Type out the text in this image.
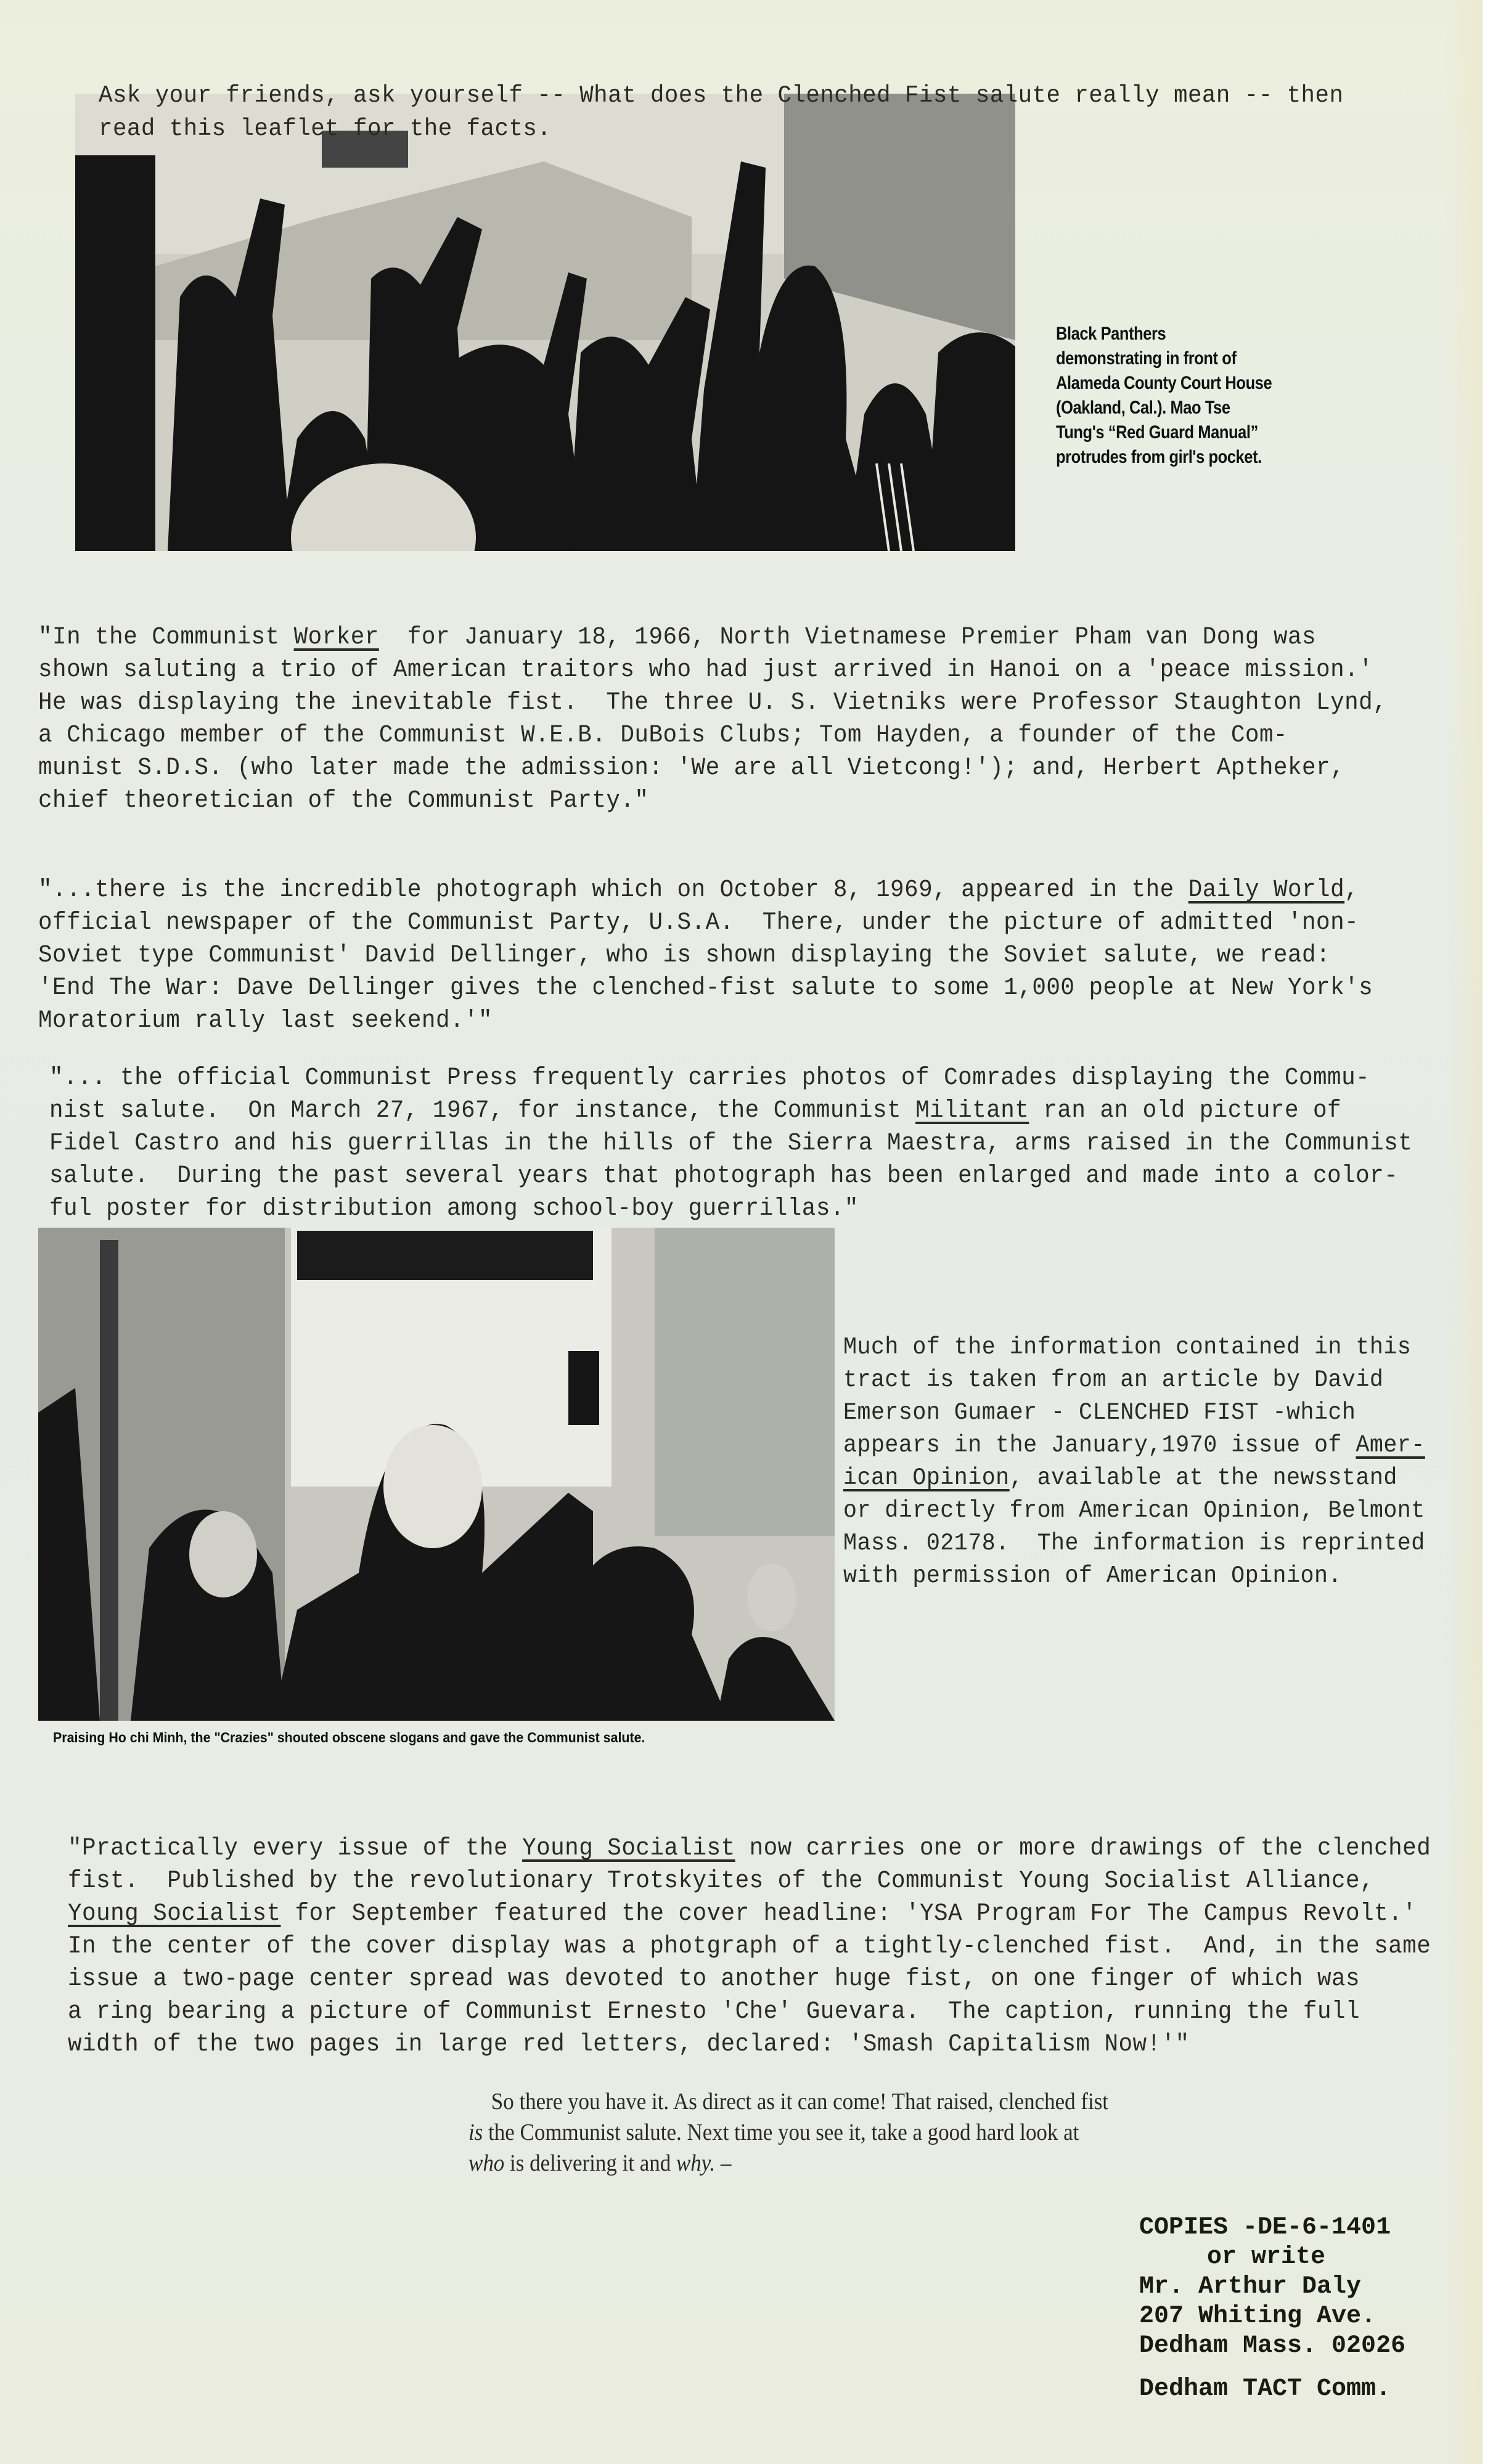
Ask your friends, ask yourself -- What does the Clenched Fist salute really mean -- then
read this leaflet for the facts.

Black Panthers
demonstrating in front of
Alameda County Court House
(Oakland, Cal.). Mao Tse
Tung's “Red Guard Manual”
protrudes from girl's pocket.

"In the Communist Worker  for January 18, 1966, North Vietnamese Premier Pham van Dong was
shown saluting a trio of American traitors who had just arrived in Hanoi on a 'peace mission.'
He was displaying the inevitable fist.  The three U. S. Vietniks were Professor Staughton Lynd,
a Chicago member of the Communist W.E.B. DuBois Clubs; Tom Hayden, a founder of the Com-
munist S.D.S. (who later made the admission: 'We are all Vietcong!'); and, Herbert Aptheker,
chief theoretician of the Communist Party."

"...there is the incredible photograph which on October 8, 1969, appeared in the Daily World,
official newspaper of the Communist Party, U.S.A.  There, under the picture of admitted 'non-
Soviet type Communist' David Dellinger, who is shown displaying the Soviet salute, we read:
'End The War: Dave Dellinger gives the clenched-fist salute to some 1,000 people at New York's
Moratorium rally last seekend.'"

"... the official Communist Press frequently carries photos of Comrades displaying the Commu-
nist salute.  On March 27, 1967, for instance, the Communist Militant ran an old picture of
Fidel Castro and his guerrillas in the hills of the Sierra Maestra, arms raised in the Communist
salute.  During the past several years that photograph has been enlarged and made into a color-
ful poster for distribution among school-boy guerrillas."

Praising Ho chi Minh, the "Crazies" shouted obscene slogans and gave the Communist salute.

Much of the information contained in this
tract is taken from an article by David
Emerson Gumaer - CLENCHED FIST -which
appears in the January,1970 issue of Amer-
ican Opinion, available at the newsstand
or directly from American Opinion, Belmont
Mass. 02178.  The information is reprinted
with permission of American Opinion.

"Practically every issue of the Young Socialist now carries one or more drawings of the clenched
fist.  Published by the revolutionary Trotskyites of the Communist Young Socialist Alliance,
Young Socialist for September featured the cover headline: 'YSA Program For The Campus Revolt.'
In the center of the cover display was a photgraph of a tightly-clenched fist.  And, in the same
issue a two-page center spread was devoted to another huge fist, on one finger of which was
a ring bearing a picture of Communist Ernesto 'Che' Guevara.  The caption, running the full
width of the two pages in large red letters, declared: 'Smash Capitalism Now!'"

So there you have it. As direct as it can come! That raised, clenched fist
is the Communist salute. Next time you see it, take a good hard look at
who is delivering it and why. –

COPIES -DE-6-1401
or write
Mr. Arthur Daly
207 Whiting Ave.
Dedham Mass. 02026
Dedham TACT Comm.
